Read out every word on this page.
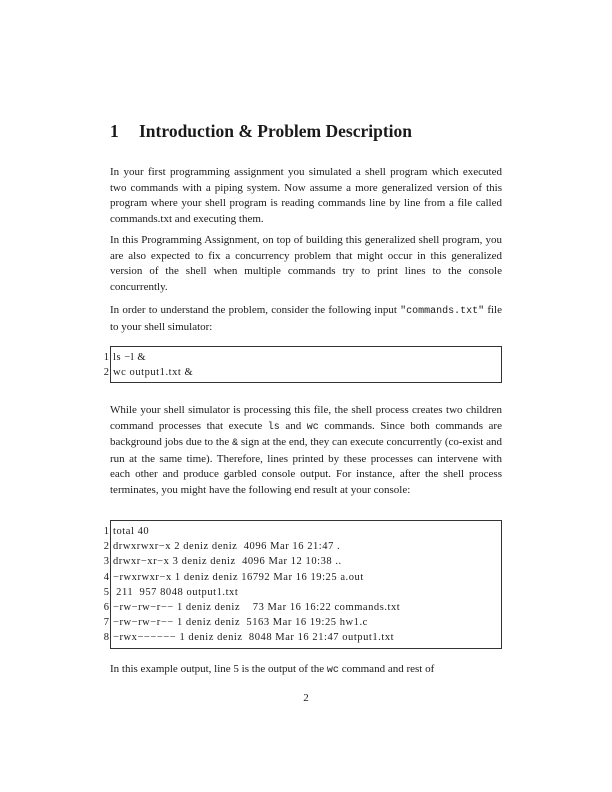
1 Introduction & Problem Description

In your first programming assignment you simulated a shell program which executed two commands with a piping system. Now assume a more generalized version of this program where your shell program is reading commands line by line from a file called commands.txt and executing them.

In this Programming Assignment, on top of building this generalized shell program, you are also expected to fix a concurrency problem that might occur in this generalized version of the shell when multiple commands try to print lines to the console concurrently.

In order to understand the problem, consider the following input "commands.txt" file to your shell simulator:

1 ls −l &
2 wc output1.txt &

While your shell simulator is processing this file, the shell process creates two children command processes that execute ls and wc commands. Since both commands are background jobs due to the & sign at the end, they can execute concurrently (co-exist and run at the same time). Therefore, lines printed by these processes can intervene with each other and produce garbled console output. For instance, after the shell process terminates, you might have the following end result at your console:

1 total 40
2 drwxrwxr−x 2 deniz deniz  4096 Mar 16 21:47 .
3 drwxr−xr−x 3 deniz deniz  4096 Mar 12 10:38 ..
4 −rwxrwxr−x 1 deniz deniz 16792 Mar 16 19:25 a.out
5 211  957 8048 output1.txt
6 −rw−rw−r−− 1 deniz deniz    73 Mar 16 16:22 commands.txt
7 −rw−rw−r−− 1 deniz deniz  5163 Mar 16 19:25 hw1.c
8 −rwx−−−−−− 1 deniz deniz  8048 Mar 16 21:47 output1.txt

In this example output, line 5 is the output of the wc command and rest of

2
